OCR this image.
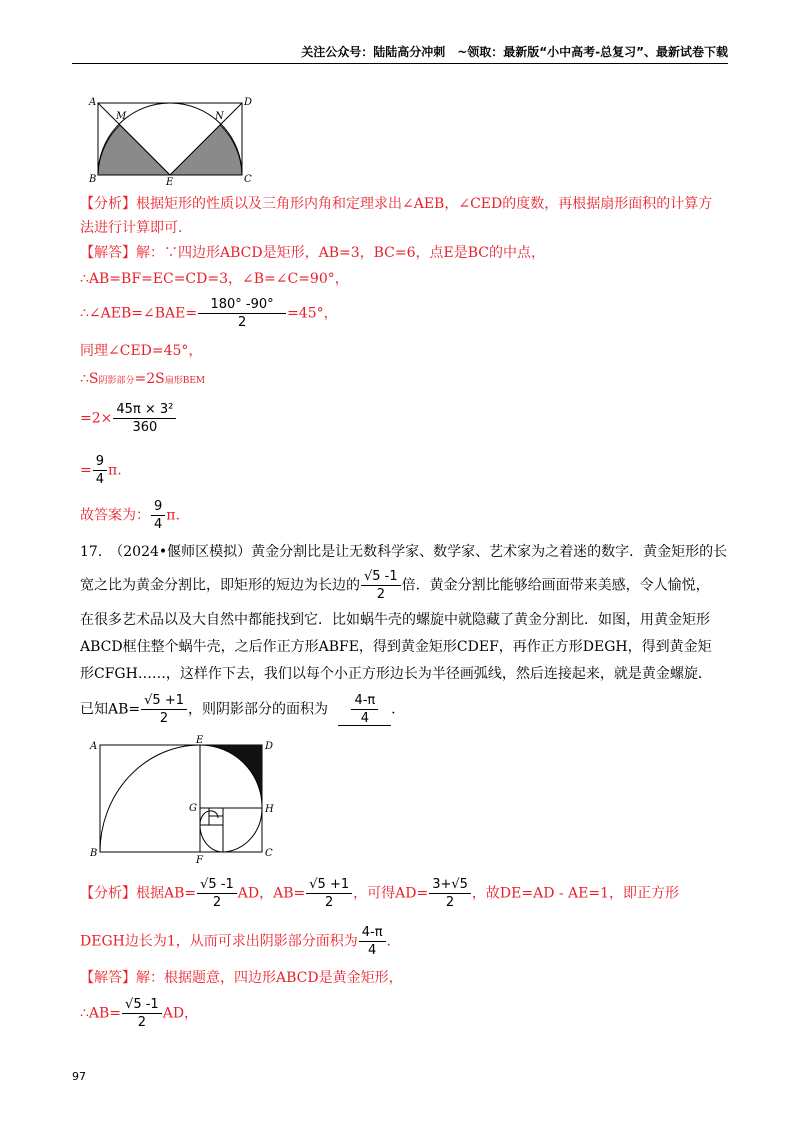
关注公众号：陆陆高分冲刺　~领取：最新版“小中高考-总复习”、最新试卷下载
A
M	N
D
B	E	C
【分析】根据矩形的性质以及三角形内角和定理求出∠AEB，∠CED的度数，再根据扇形面积的计算方
法进行计算即可.
【解答】解：∵四边形ABCD是矩形，AB=3，BC=6，点E是BC的中点，
∴AB=BF=EC=CD=3，∠B=∠C=90°，
∴∠AEB=∠BAE= $\frac{180^\circ -90^\circ}{2} =45^\circ$，
同理∠CED=45°，
∴S阴影部分=2S扇形BEM
$=2\times \frac{\text{45π × 3²}}{360}$
= $\frac{9}{4} \pi$.
故答案为： $\frac{9}{4} \pi$.
17.　（2024•偃师区模拟）黄金分割比是让无数科学家、数学家、艺术家为之着迷的数字．黄金矩形的长
宽之比为黄金分割比，即矩形的短边为长边的 $\frac{√5 -1}{2}$ 倍．黄金分割比能够给画面带来美感，令人愉悦，
在很多艺术品以及大自然中都能找到它．比如蜗牛壳的螺旋中就隐藏了黄金分割比．如图，用黄金矩形
ABCD框住整个蜗牛壳，之后作正方形ABFE，得到黄金矩形CDEF，再作正方形DEGH，得到黄金矩
形CFGH……，这样作下去，我们以每个小正方形边长为半径画弧线，然后连接起来，就是黄金螺旋．
已知$AB= \frac{√5 +1}{2}$ ，则阴影部分的面积为 $\frac{4-\pi}{4}$ ．
A
E
D
G	H
B
F
C
【分析】根据$AB= \frac{√5 -1}{2}$ AD，$AB= \frac{√5 +1}{2}$ ，可得$AD= \frac{3+√5}{2}$ ，故DE=AD - AE=1，即正方形
DEGH边长为1，从而可求出阴影部分面积为 $\frac{4-\pi}{4}$ .
【解答】解：根据题意，四边形ABCD是黄金矩形，
∴AB= $\frac{√5 -1}{2}$ AD，
97
